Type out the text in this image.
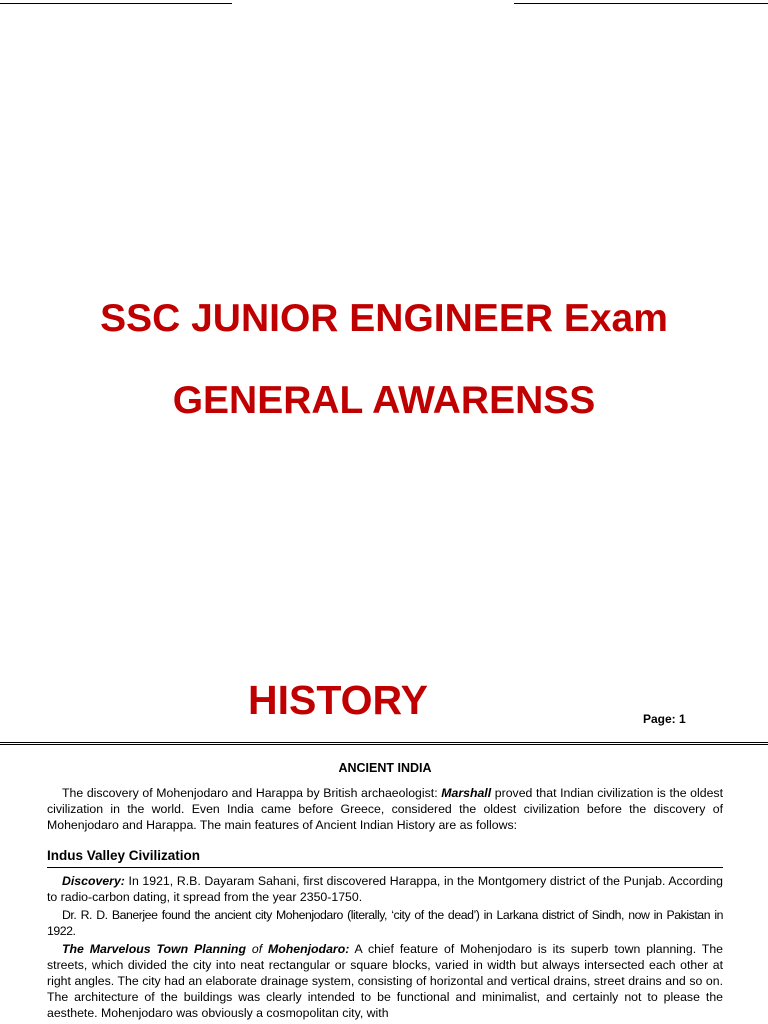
SSC JUNIOR ENGINEER Exam
GENERAL AWARENSS
HISTORY	Page: 1

ANCIENT INDIA

The discovery of Mohenjodaro and Harappa by British archaeologist: Marshall proved that Indian civilization is the oldest civilization in the world. Even India came before Greece, considered the oldest civilization before the discovery of Mohenjodaro and Harappa. The main features of Ancient Indian History are as follows:

Indus Valley Civilization

Discovery: In 1921, R.B. Dayaram Sahani, first discovered Harappa, in the Montgomery district of the Punjab. According to radio-carbon dating, it spread from the year 2350-1750.

Dr. R. D. Banerjee found the ancient city Mohenjodaro (literally, ‘city of the dead’) in Larkana district of Sindh, now in Pakistan in 1922.

The Marvelous Town Planning of Mohenjodaro: A chief feature of Mohenjodaro is its superb town planning. The streets, which divided the city into neat rectangular or square blocks, varied in width but always intersected each other at right angles. The city had an elaborate drainage system, consisting of horizontal and vertical drains, street drains and so on. The architecture of the buildings was clearly intended to be functional and minimalist, and certainly not to please the aesthete. Mohenjodaro was obviously a cosmopolitan city, with
